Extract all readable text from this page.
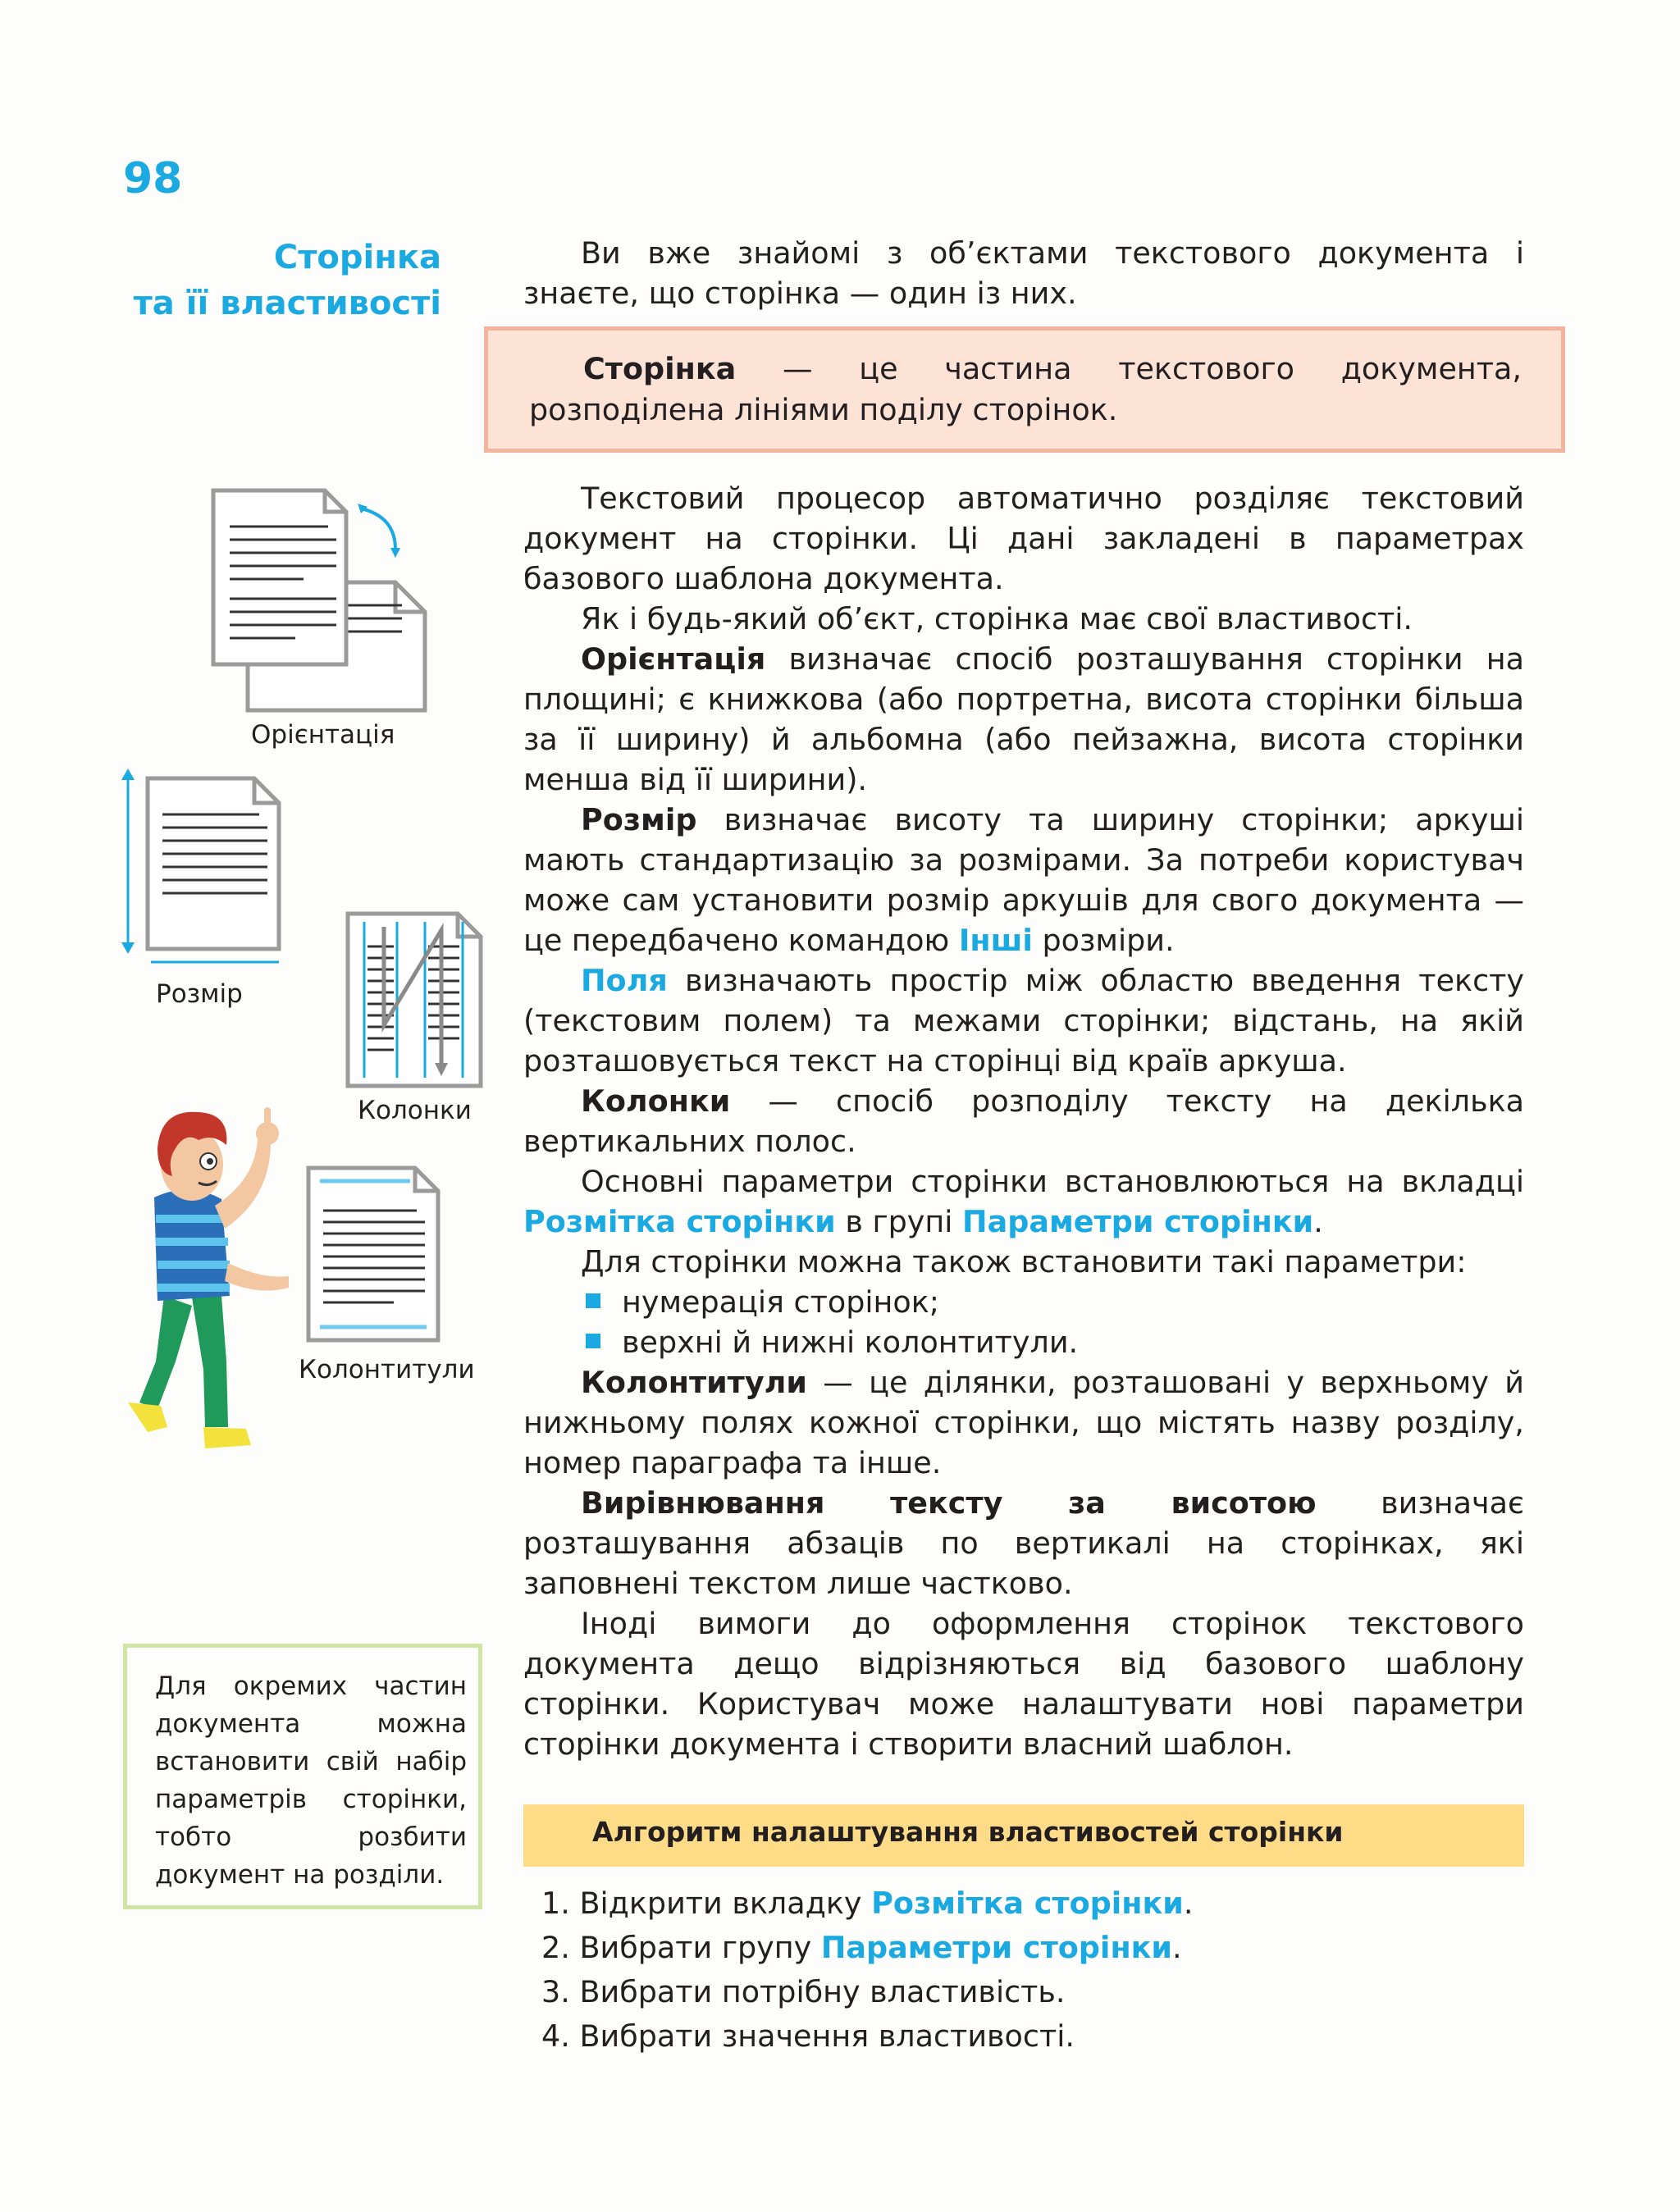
98
Сторінка
та її властивості

Ви вже знайомі з об’єктами текстового документа і знаєте, що сторінка — один із них.

Сторінка — це частина текстового документа, розподілена лініями поділу сторінок.

Текстовий процесор автоматично розділяє текстовий документ на сторінки. Ці дані закладені в параметрах базового шаблона документа.

Як і будь-який об’єкт, сторінка має свої властивості.

Орієнтація визначає спосіб розташування сторінки на площині; є книжкова (або портретна, висота сторінки більша за її ширину) й альбомна (або пейзажна, висота сторінки менша від її ширини).

Розмір визначає висоту та ширину сторінки; аркуші мають стандартизацію за розмірами. За потреби користувач може сам установити розмір аркушів для свого документа — це передбачено командою Інші розміри.

Поля визначають простір між областю введення тексту (текстовим полем) та межами сторінки; відстань, на якій розташовується текст на сторінці від країв аркуша.

Колонки — спосіб розподілу тексту на декілька вертикальних полос.

Основні параметри сторінки встановлюються на вкладці Розмітка сторінки в групі Параметри сторінки.

Для сторінки можна також встановити такі параметри:

нумерація сторінок;

верхні й нижні колонтитули.

Колонтитули — це ділянки, розташовані у верхньому й нижньому полях кожної сторінки, що містять назву розділу, номер параграфа та інше.

Вирівнювання тексту за висотою визначає розташування абзаців по вертикалі на сторінках, які заповнені текстом лише частково.

Іноді вимоги до оформлення сторінок текстового документа дещо відрізняються від базового шаблону сторінки. Користувач може налаштувати нові параметри сторінки документа і створити власний шаблон.

Алгоритм налаштування властивостей сторінки
1. Відкрити вкладку Розмітка сторінки.
2. Вибрати групу Параметри сторінки.
3. Вибрати потрібну властивість.
4. Вибрати значення властивості.
Для окремих частин документа можна встановити свій набір параметрів сторінки, тобто розбити документ на розділи.
Орієнтація
Розмір
Колонки
Колонтитули
